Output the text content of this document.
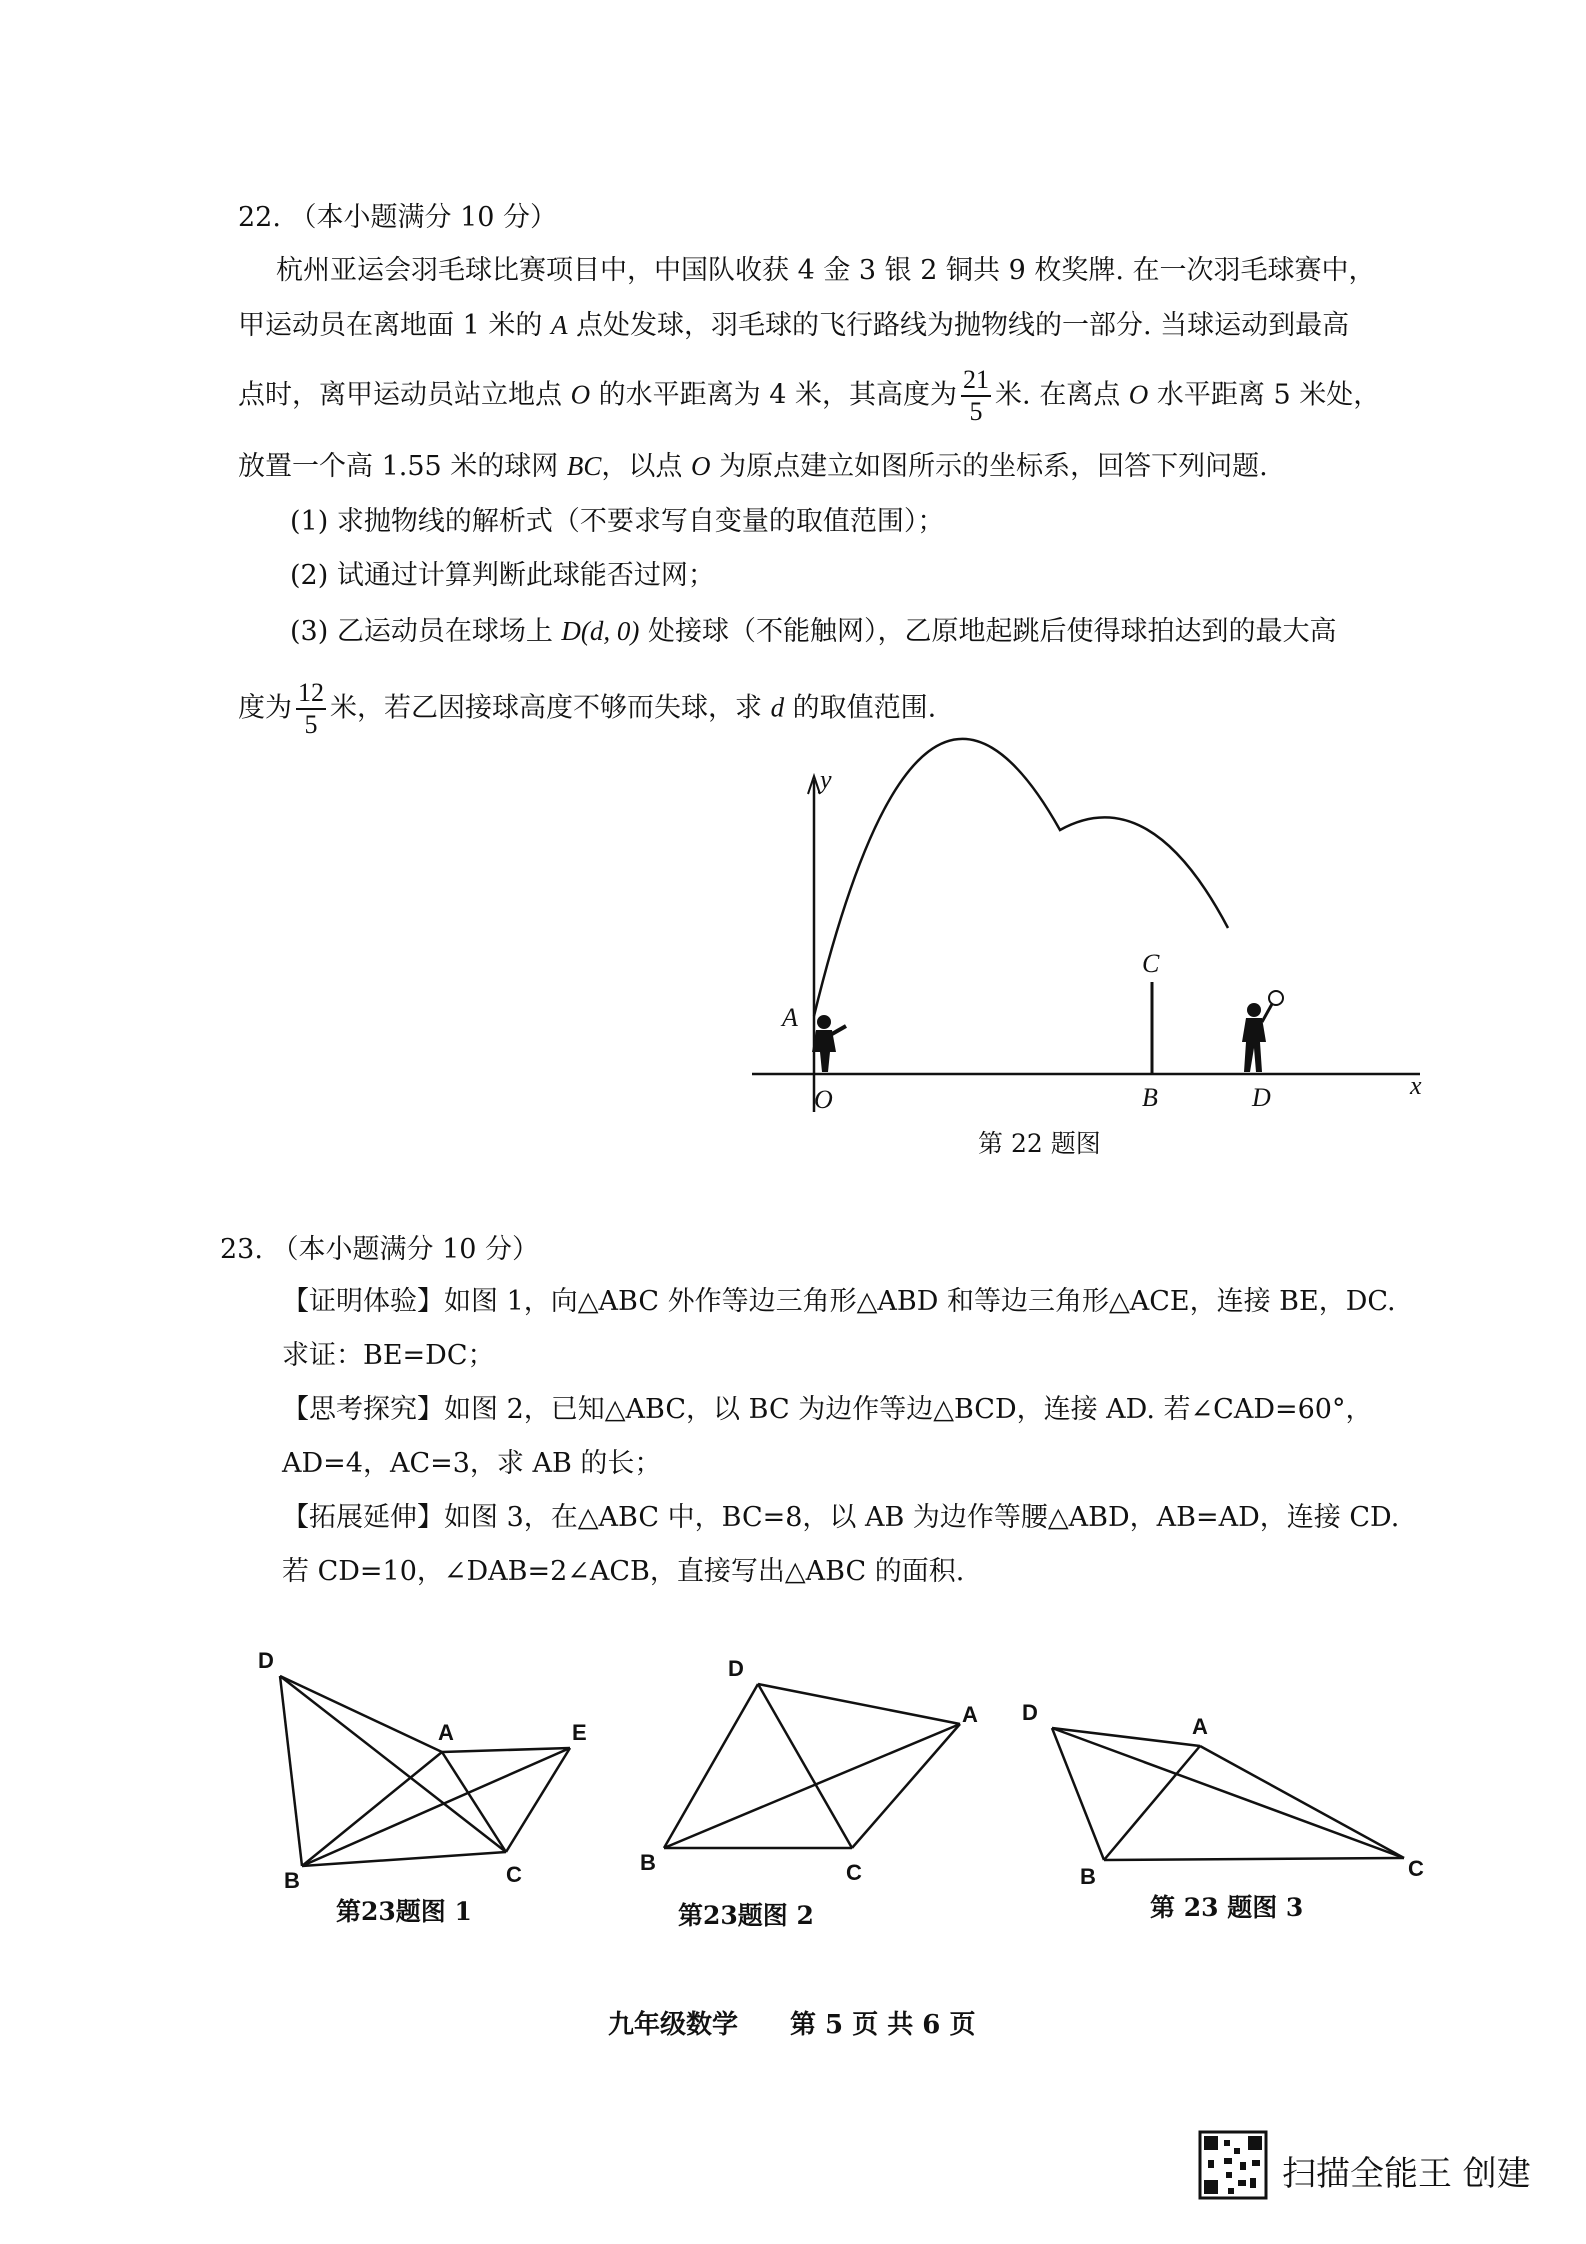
22. （本小题满分 10 分）
杭州亚运会羽毛球比赛项目中，中国队收获 4 金 3 银 2 铜共 9 枚奖牌. 在一次羽毛球赛中，
甲运动员在离地面 1 米的 A 点处发球，羽毛球的飞行路线为抛物线的一部分. 当球运动到最高
点时，离甲运动员站立地点 O 的水平距离为 4 米，其高度为 $\frac{21}{5}$ 米. 在离点 O 水平距离 5 米处，
放置一个高 1.55 米的球网 BC，以点 O 为原点建立如图所示的坐标系，回答下列问题.
(1) 求抛物线的解析式（不要求写自变量的取值范围）；
(2) 试通过计算判断此球能否过网；
(3) 乙运动员在球场上 D(d, 0) 处接球（不能触网），乙原地起跳后使得球拍达到的最大高
度为 $\frac{12}{5}$ 米，若乙因接球高度不够而失球，求 d 的取值范围.
y
x
A
O	B
C
D
第 22 题图
23. （本小题满分 10 分）
【证明体验】如图 1，向△ABC 外作等边三角形△ABD 和等边三角形△ACE，连接 BE，DC.
求证：BE=DC；
【思考探究】如图 2，已知△ABC，以 BC 为边作等边△BCD，连接 AD. 若∠CAD=60°，
AD=4，AC=3，求 AB 的长；
【拓展延伸】如图 3，在△ABC 中，BC=8，以 AB 为边作等腰△ABD，AB=AD，连接 CD.
若 CD=10，∠DAB=2∠ACB，直接写出△ABC 的面积.
D
A	E
B	C
D
A
B	C
D
A
B	C
第23题图 1	第23题图 2	第 23 题图 3
九年级数学　　第 5 页 共 6 页
扫描全能王 创建
